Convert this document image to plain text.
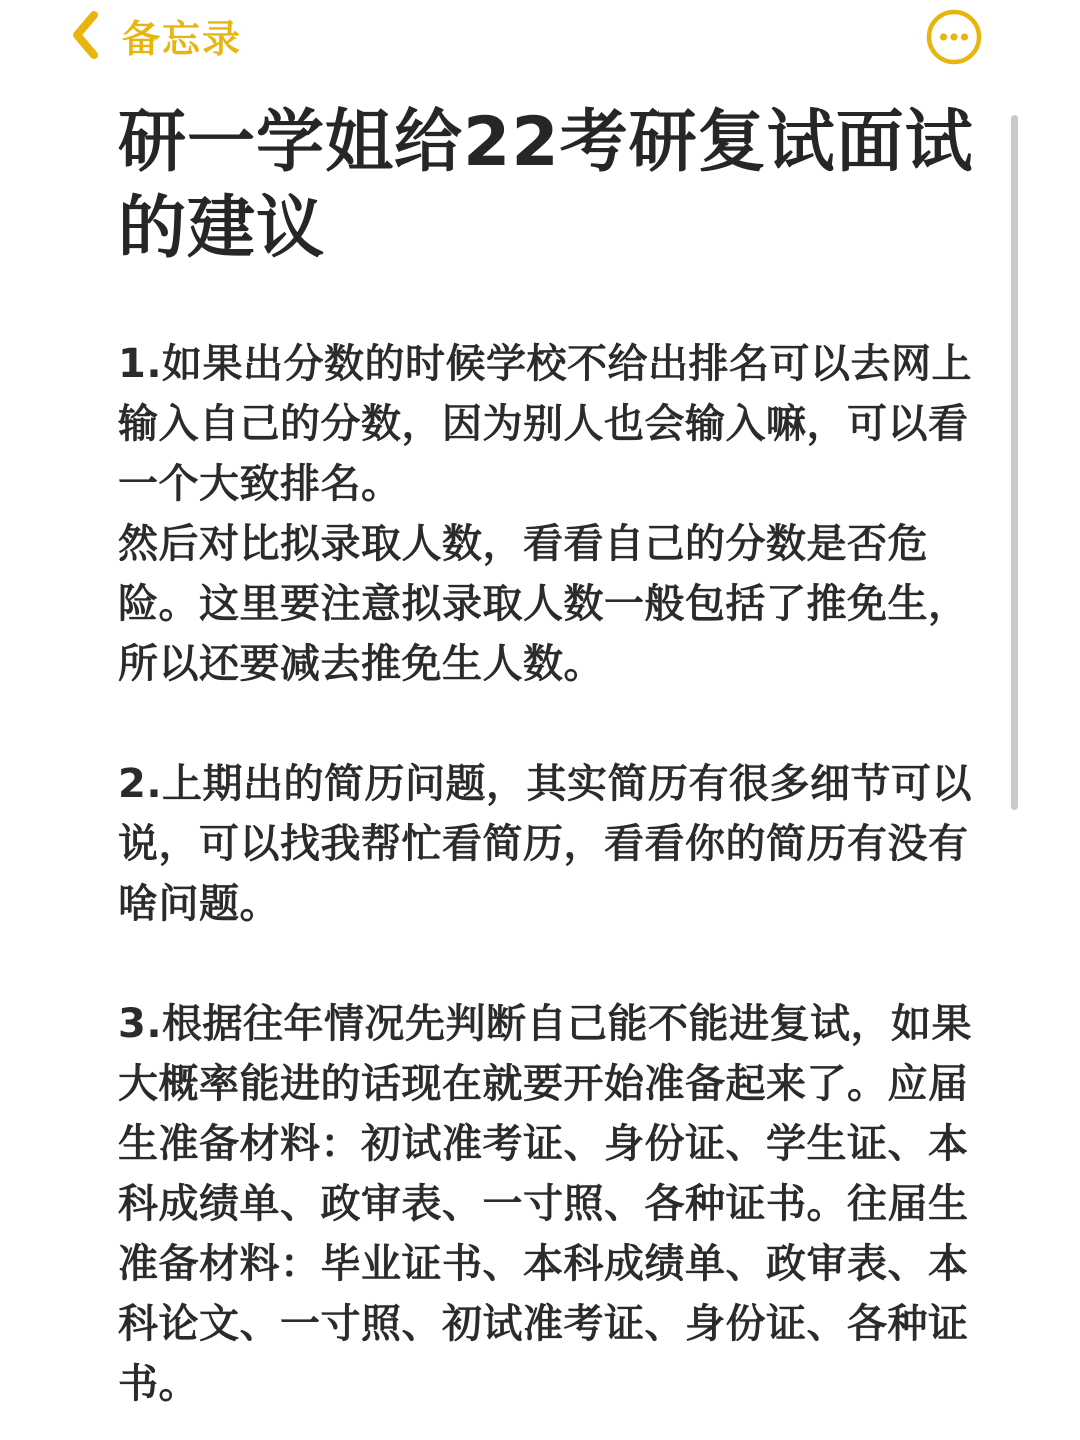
备忘录
研一学姐给22考研复试面试的建议

1.如果出分数的时候学校不给出排名可以去网上输入自己的分数，因为别人也会输入嘛，可以看一个大致排名。
然后对比拟录取人数，看看自己的分数是否危险。这里要注意拟录取人数一般包括了推免生，所以还要减去推免生人数。

2.上期出的简历问题，其实简历有很多细节可以说，可以找我帮忙看简历，看看你的简历有没有啥问题。

3.根据往年情况先判断自己能不能进复试，如果大概率能进的话现在就要开始准备起来了。应届生准备材料：初试准考证、身份证、学生证、本科成绩单、政审表、一寸照、各种证书。往届生准备材料：毕业证书、本科成绩单、政审表、本科论文、一寸照、初试准考证、身份证、各种证书。
